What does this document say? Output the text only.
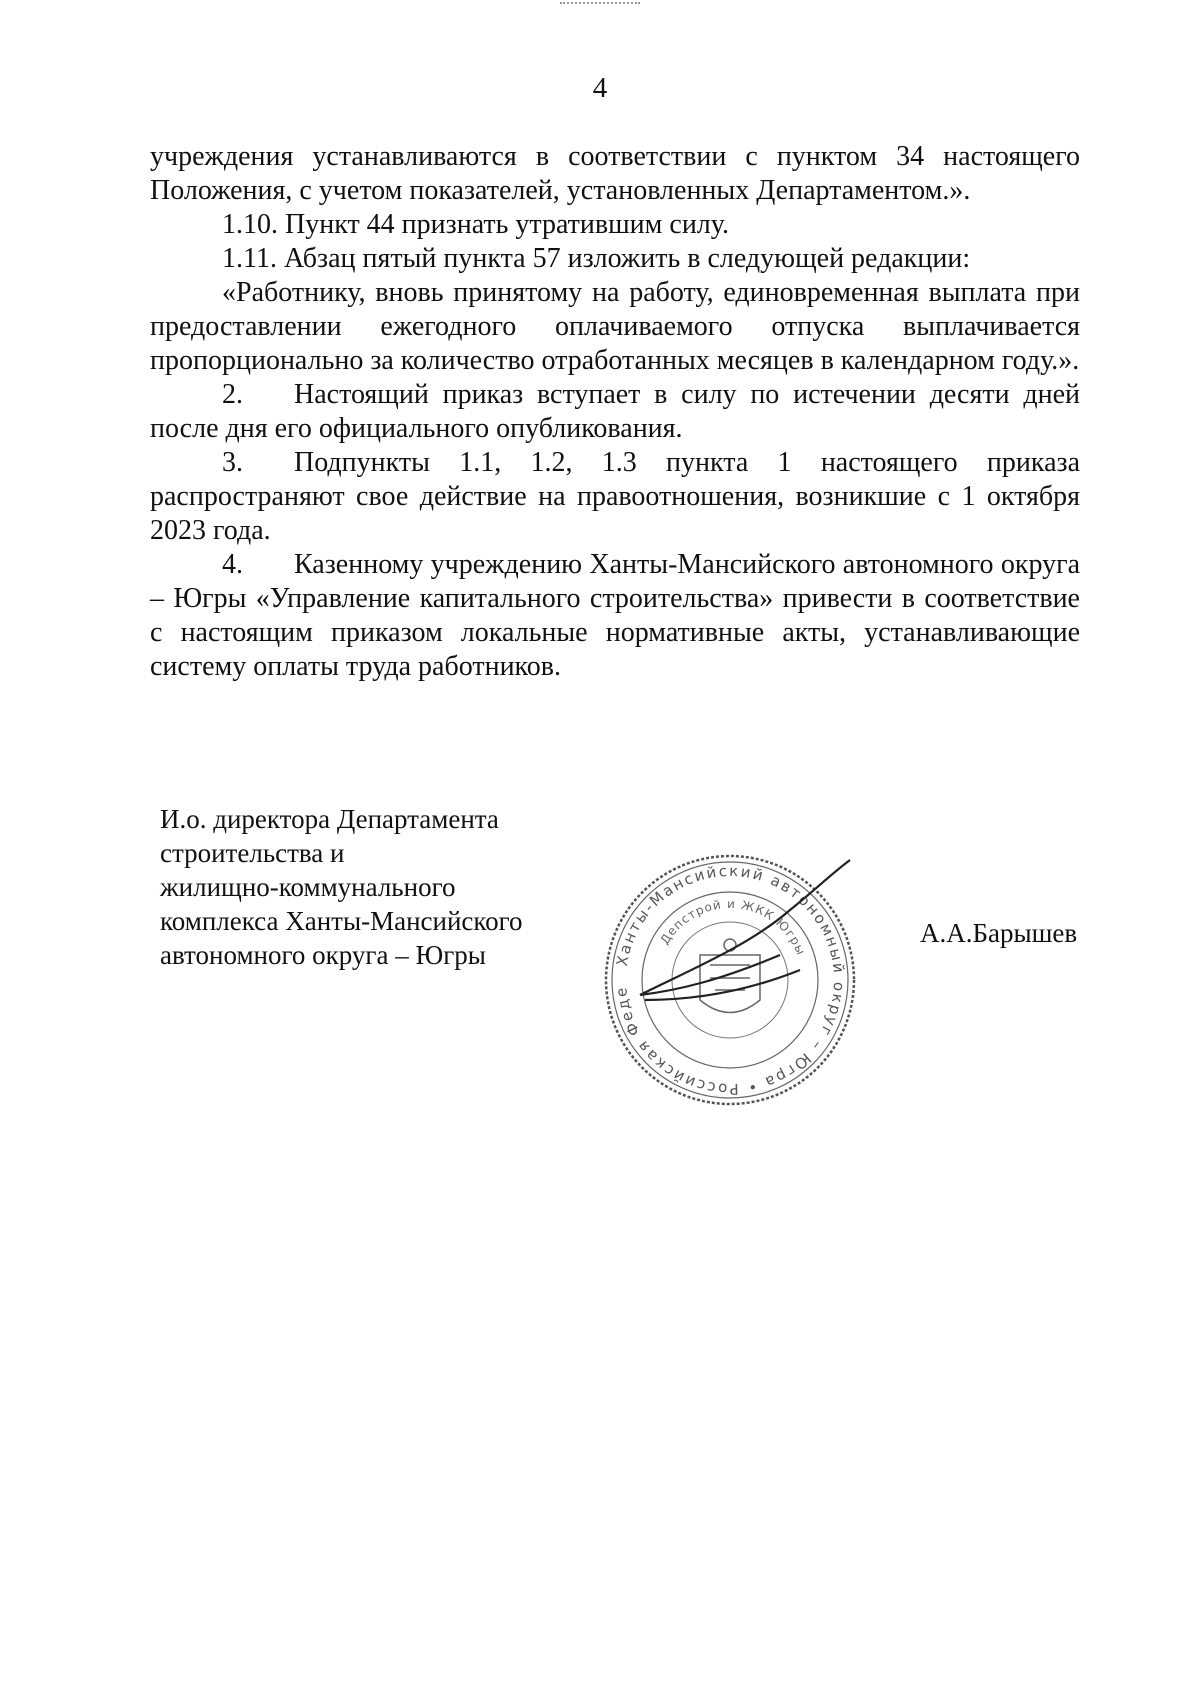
4

учреждения устанавливаются в соответствии с пунктом 34 настоящего Положения, с учетом показателей, установленных Департаментом.».

1.10. Пункт 44 признать утратившим силу.

1.11. Абзац пятый пункта 57 изложить в следующей редакции:

«Работнику, вновь принятому на работу, единовременная выплата при предоставлении ежегодного оплачиваемого отпуска выплачивается пропорционально за количество отработанных месяцев в календарном году.».

2. Настоящий приказ вступает в силу по истечении десяти дней после дня его официального опубликования.

3. Подпункты 1.1, 1.2, 1.3 пункта 1 настоящего приказа распространяют свое действие на правоотношения, возникшие с 1 октября 2023 года.

4. Казенному учреждению Ханты-Мансийского автономного округа – Югры «Управление капитального строительства» привести в соответствие с настоящим приказом локальные нормативные акты, устанавливающие систему оплаты труда работников.

И.о. директора Департамента
строительства и
жилищно-коммунального
комплекса Ханты-Мансийского
автономного округа – Югры	Ханты-Мансийский автономный округ – Югра • Российская Феде
Депстрой и ЖКК Югры
А.А.Барышев
